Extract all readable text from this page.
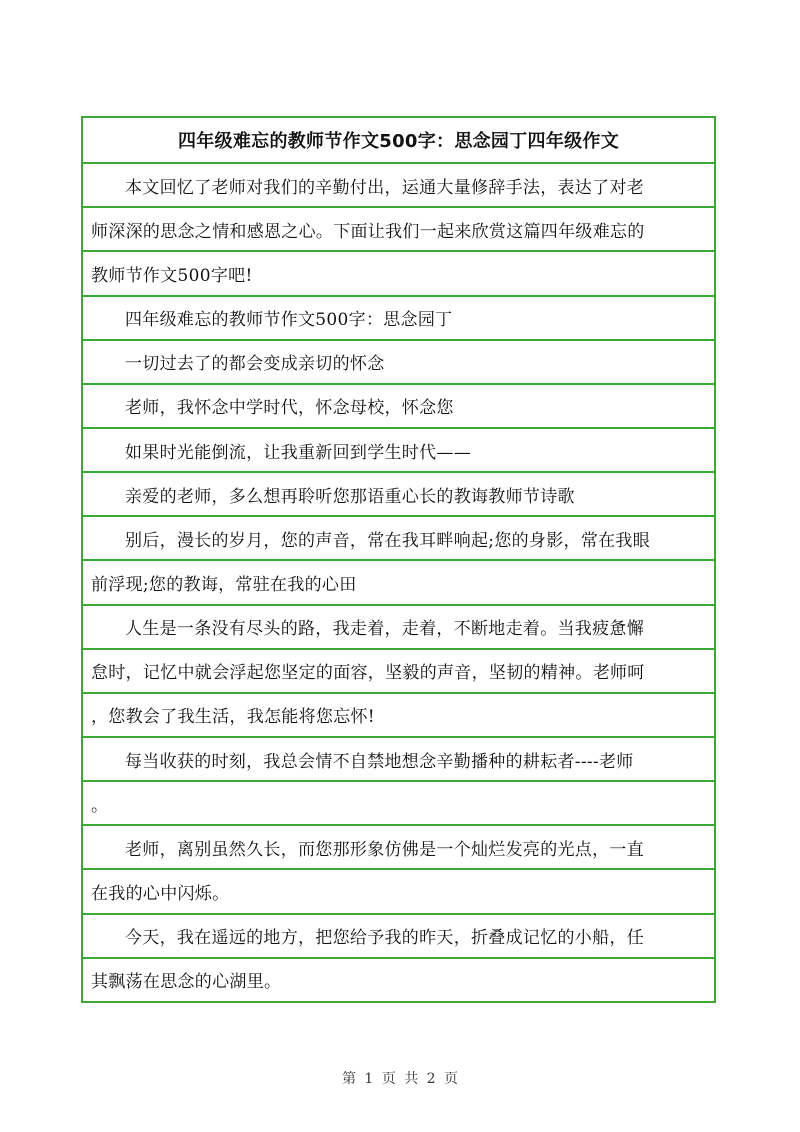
四年级难忘的教师节作文500字：思念园丁四年级作文
本文回忆了老师对我们的辛勤付出，运通大量修辞手法，表达了对老
师深深的思念之情和感恩之心。下面让我们一起来欣赏这篇四年级难忘的
教师节作文500字吧!
四年级难忘的教师节作文500字：思念园丁
一切过去了的都会变成亲切的怀念
老师，我怀念中学时代，怀念母校，怀念您
如果时光能倒流，让我重新回到学生时代——
亲爱的老师，多么想再聆听您那语重心长的教诲教师节诗歌
别后，漫长的岁月，您的声音，常在我耳畔响起;您的身影，常在我眼
前浮现;您的教诲，常驻在我的心田
人生是一条没有尽头的路，我走着，走着，不断地走着。当我疲惫懈
怠时，记忆中就会浮起您坚定的面容，坚毅的声音，坚韧的精神。老师呵
，您教会了我生活，我怎能将您忘怀!
每当收获的时刻，我总会情不自禁地想念辛勤播种的耕耘者----老师
。
老师，离别虽然久长，而您那形象仿佛是一个灿烂发亮的光点，一直
在我的心中闪烁。
今天，我在遥远的地方，把您给予我的昨天，折叠成记忆的小船，任
其飘荡在思念的心湖里。
第 1 页 共 2 页
